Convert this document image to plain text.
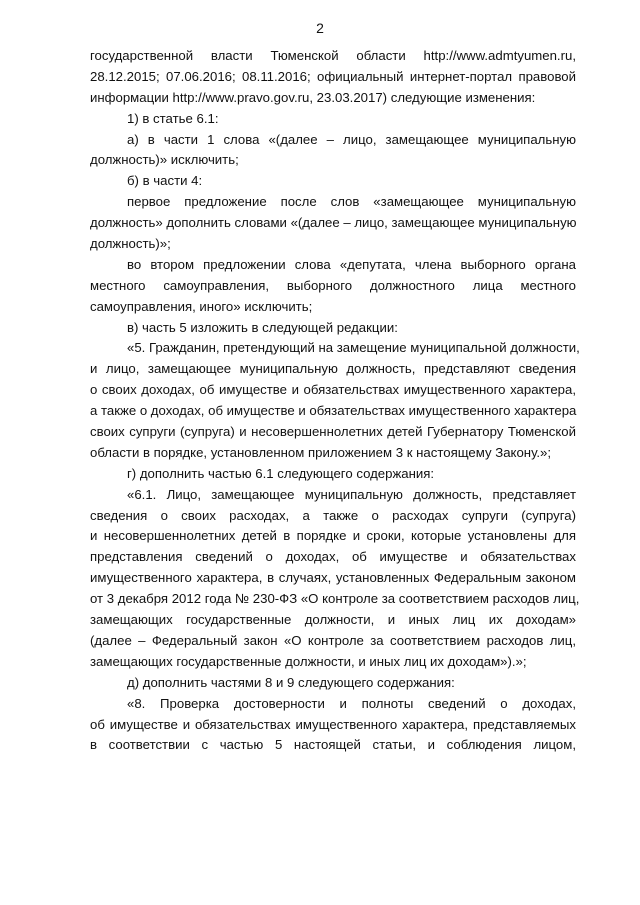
2
государственной власти Тюменской области http://www.admtyumen.ru,
28.12.2015; 07.06.2016; 08.11.2016; официальный интернет-портал правовой
информации http://www.pravo.gov.ru, 23.03.2017) следующие изменения:
1) в статье 6.1:
а) в части 1 слова «(далее – лицо, замещающее муниципальную
должность)» исключить;
б) в части 4:
первое предложение после слов «замещающее муниципальную
должность» дополнить словами «(далее – лицо, замещающее муниципальную
должность)»;
во втором предложении слова «депутата, члена выборного органа
местного самоуправления, выборного должностного лица местного
самоуправления, иного» исключить;
в) часть 5 изложить в следующей редакции:
«5. Гражданин, претендующий на замещение муниципальной должности,
и лицо, замещающее муниципальную должность, представляют сведения
о своих доходах, об имуществе и обязательствах имущественного характера,
а также о доходах, об имуществе и обязательствах имущественного характера
своих супруги (супруга) и несовершеннолетних детей Губернатору Тюменской
области в порядке, установленном приложением 3 к настоящему Закону.»;
г) дополнить частью 6.1 следующего содержания:
«6.1. Лицо, замещающее муниципальную должность, представляет
сведения о своих расходах, а также о расходах супруги (супруга)
и несовершеннолетних детей в порядке и сроки, которые установлены для
представления сведений о доходах, об имуществе и обязательствах
имущественного характера, в случаях, установленных Федеральным законом
от 3 декабря 2012 года № 230-ФЗ «О контроле за соответствием расходов лиц,
замещающих государственные должности, и иных лиц их доходам»
(далее – Федеральный закон «О контроле за соответствием расходов лиц,
замещающих государственные должности, и иных лиц их доходам»).»;
д) дополнить частями 8 и 9 следующего содержания:
«8. Проверка достоверности и полноты сведений о доходах,
об имуществе и обязательствах имущественного характера, представляемых
в соответствии с частью 5 настоящей статьи, и соблюдения лицом,
